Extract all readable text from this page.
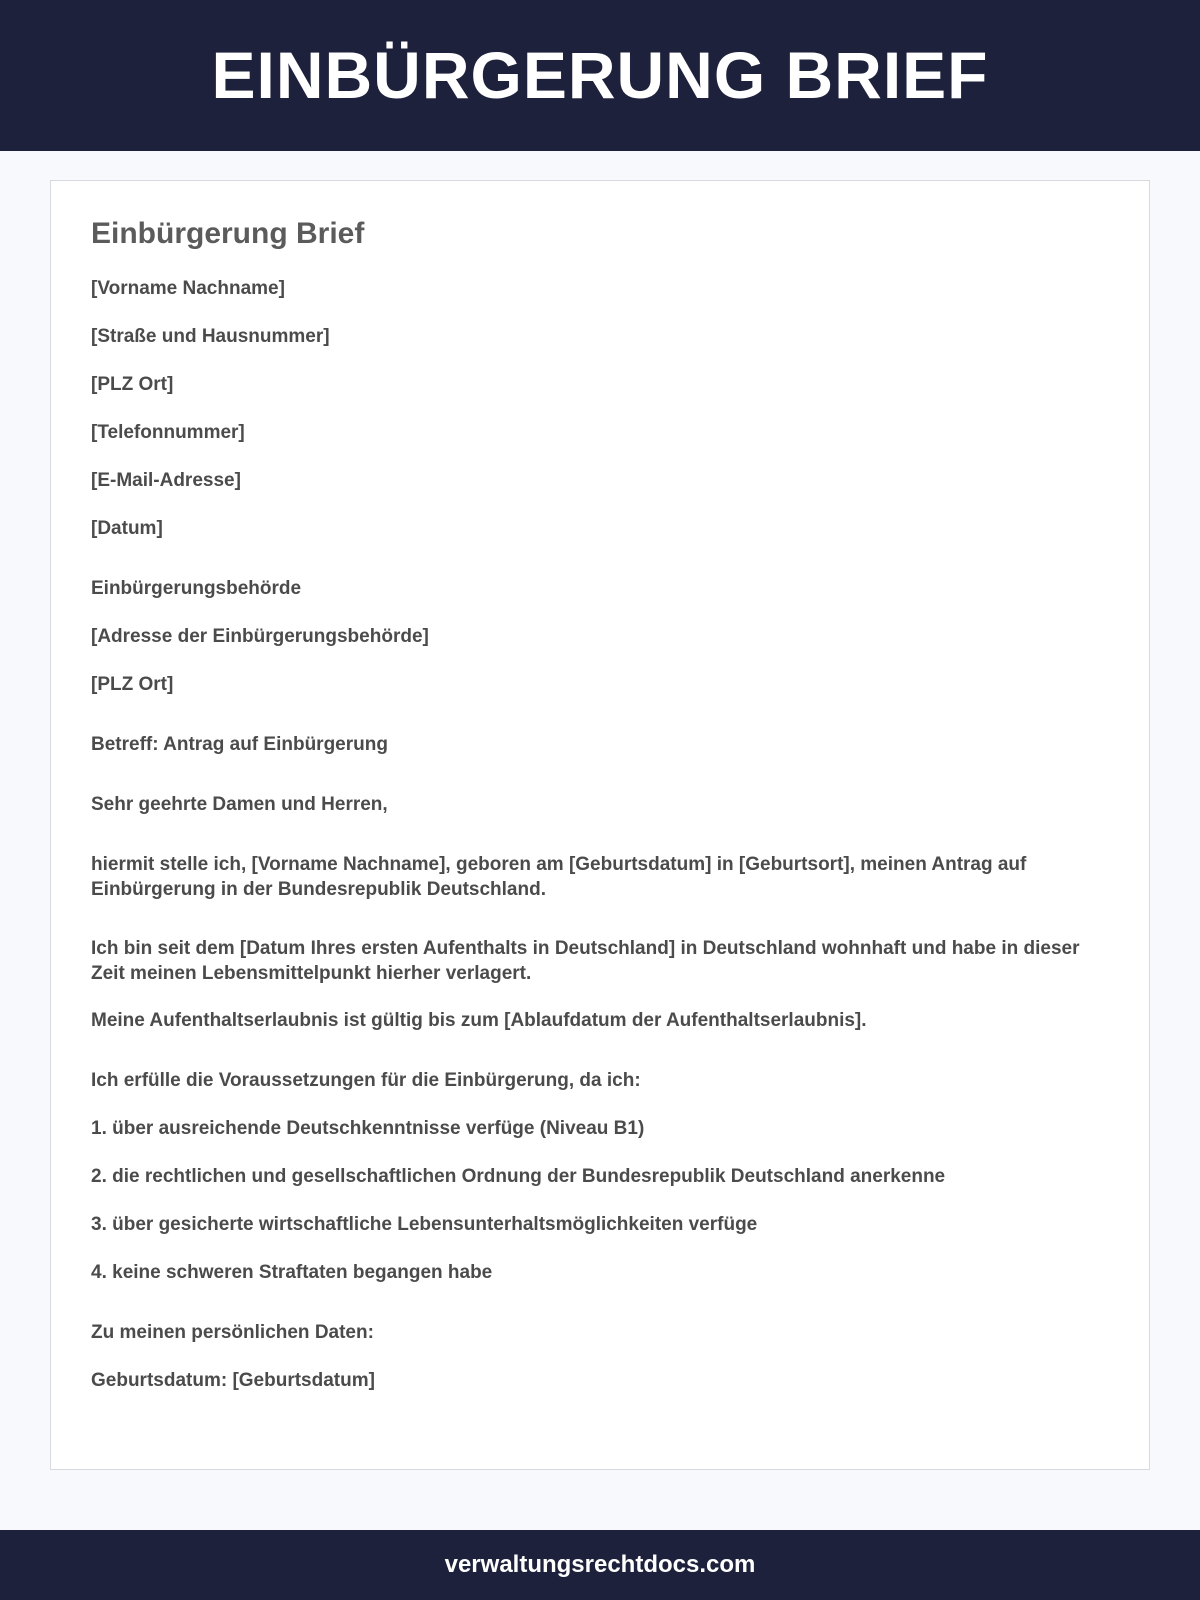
EINBÜRGERUNG BRIEF
Einbürgerung Brief

[Vorname Nachname]

[Straße und Hausnummer]

[PLZ Ort]

[Telefonnummer]

[E-Mail-Adresse]

[Datum]

Einbürgerungsbehörde

[Adresse der Einbürgerungsbehörde]

[PLZ Ort]

Betreff: Antrag auf Einbürgerung

Sehr geehrte Damen und Herren,

hiermit stelle ich, [Vorname Nachname], geboren am [Geburtsdatum] in [Geburtsort], meinen Antrag auf Einbürgerung in der Bundesrepublik Deutschland.

Ich bin seit dem [Datum Ihres ersten Aufenthalts in Deutschland] in Deutschland wohnhaft und habe in dieser Zeit meinen Lebensmittelpunkt hierher verlagert.

Meine Aufenthaltserlaubnis ist gültig bis zum [Ablaufdatum der Aufenthaltserlaubnis].

Ich erfülle die Voraussetzungen für die Einbürgerung, da ich:

1. über ausreichende Deutschkenntnisse verfüge (Niveau B1)

2. die rechtlichen und gesellschaftlichen Ordnung der Bundesrepublik Deutschland anerkenne

3. über gesicherte wirtschaftliche Lebensunterhaltsmöglichkeiten verfüge

4. keine schweren Straftaten begangen habe

Zu meinen persönlichen Daten:

Geburtsdatum: [Geburtsdatum]

verwaltungsrechtdocs.com
